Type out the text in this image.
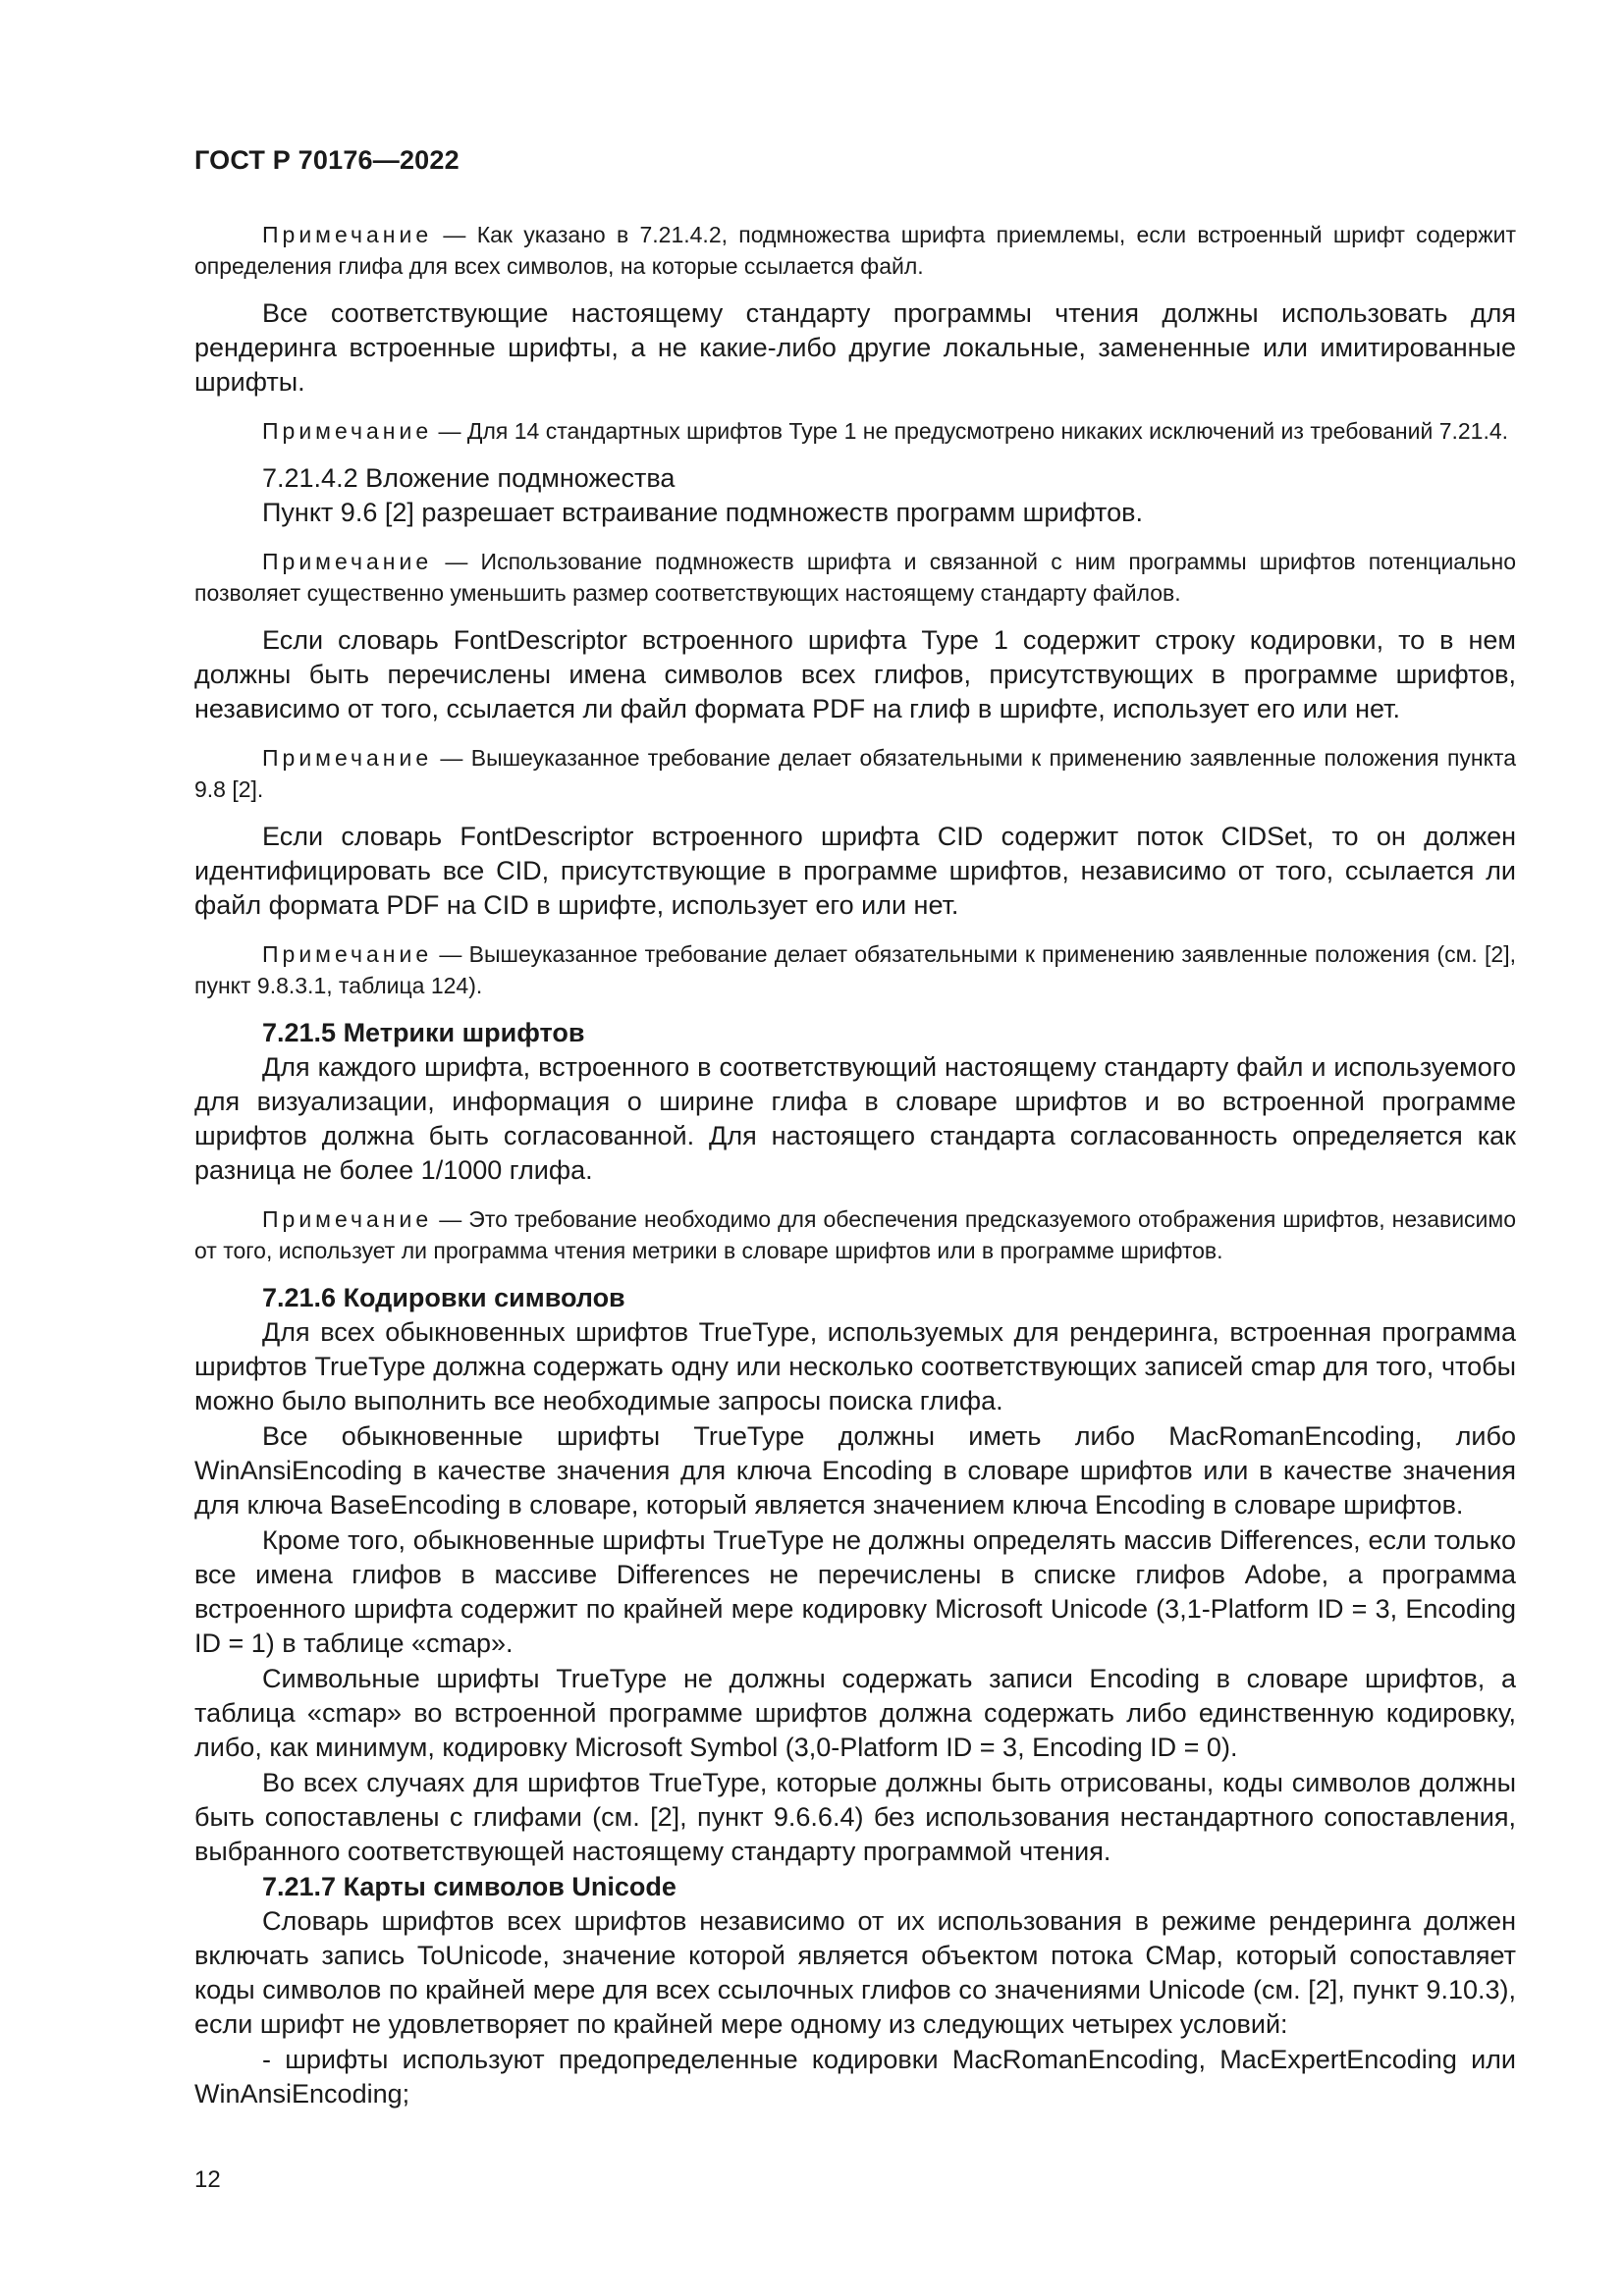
ГОСТ Р 70176—2022

Примечание — Как указано в 7.21.4.2, подмножества шрифта приемлемы, если встроенный шрифт содержит определения глифа для всех символов, на которые ссылается файл.

Все соответствующие настоящему стандарту программы чтения должны использовать для рендеринга встроенные шрифты, а не какие-либо другие локальные, замененные или имитированные шрифты.

Примечание — Для 14 стандартных шрифтов Type 1 не предусмотрено никаких исключений из требований 7.21.4.

7.21.4.2 Вложение подмножества

Пункт 9.6 [2] разрешает встраивание подмножеств программ шрифтов.

Примечание — Использование подмножеств шрифта и связанной с ним программы шрифтов потенциально позволяет существенно уменьшить размер соответствующих настоящему стандарту файлов.

Если словарь FontDescriptor встроенного шрифта Type 1 содержит строку кодировки, то в нем должны быть перечислены имена символов всех глифов, присутствующих в программе шрифтов, независимо от того, ссылается ли файл формата PDF на глиф в шрифте, использует его или нет.

Примечание — Вышеуказанное требование делает обязательными к применению заявленные положения пункта 9.8 [2].

Если словарь FontDescriptor встроенного шрифта CID содержит поток CIDSet, то он должен идентифицировать все CID, присутствующие в программе шрифтов, независимо от того, ссылается ли файл формата PDF на CID в шрифте, использует его или нет.

Примечание — Вышеуказанное требование делает обязательными к применению заявленные положения (см. [2], пункт 9.8.3.1, таблица 124).

7.21.5 Метрики шрифтов

Для каждого шрифта, встроенного в соответствующий настоящему стандарту файл и используемого для визуализации, информация о ширине глифа в словаре шрифтов и во встроенной программе шрифтов должна быть согласованной. Для настоящего стандарта согласованность определяется как разница не более 1/1000 глифа.

Примечание — Это требование необходимо для обеспечения предсказуемого отображения шрифтов, независимо от того, использует ли программа чтения метрики в словаре шрифтов или в программе шрифтов.

7.21.6 Кодировки символов

Для всех обыкновенных шрифтов TrueType, используемых для рендеринга, встроенная программа шрифтов TrueType должна содержать одну или несколько соответствующих записей cmap для того, чтобы можно было выполнить все необходимые запросы поиска глифа.

Все обыкновенные шрифты TrueType должны иметь либо MacRomanEncoding, либо WinAnsiEncoding в качестве значения для ключа Encoding в словаре шрифтов или в качестве значения для ключа BaseEncoding в словаре, который является значением ключа Encoding в словаре шрифтов.

Кроме того, обыкновенные шрифты TrueType не должны определять массив Differences, если только все имена глифов в массиве Differences не перечислены в списке глифов Adobe, а программа встроенного шрифта содержит по крайней мере кодировку Microsoft Unicode (3,1-Platform ID = 3, Encoding ID = 1) в таблице «cmap».

Символьные шрифты TrueType не должны содержать записи Encoding в словаре шрифтов, а таблица «cmap» во встроенной программе шрифтов должна содержать либо единственную кодировку, либо, как минимум, кодировку Microsoft Symbol (3,0-Platform ID = 3, Encoding ID = 0).

Во всех случаях для шрифтов TrueType, которые должны быть отрисованы, коды символов должны быть сопоставлены с глифами (см. [2], пункт 9.6.6.4) без использования нестандартного сопоставления, выбранного соответствующей настоящему стандарту программой чтения.

7.21.7 Карты символов Unicode

Словарь шрифтов всех шрифтов независимо от их использования в режиме рендеринга должен включать запись ToUnicode, значение которой является объектом потока CMap, который сопоставляет коды символов по крайней мере для всех ссылочных глифов со значениями Unicode (см. [2], пункт 9.10.3), если шрифт не удовлетворяет по крайней мере одному из следующих четырех условий:

- шрифты используют предопределенные кодировки MacRomanEncoding, MacExpertEncoding или WinAnsiEncoding;

12
